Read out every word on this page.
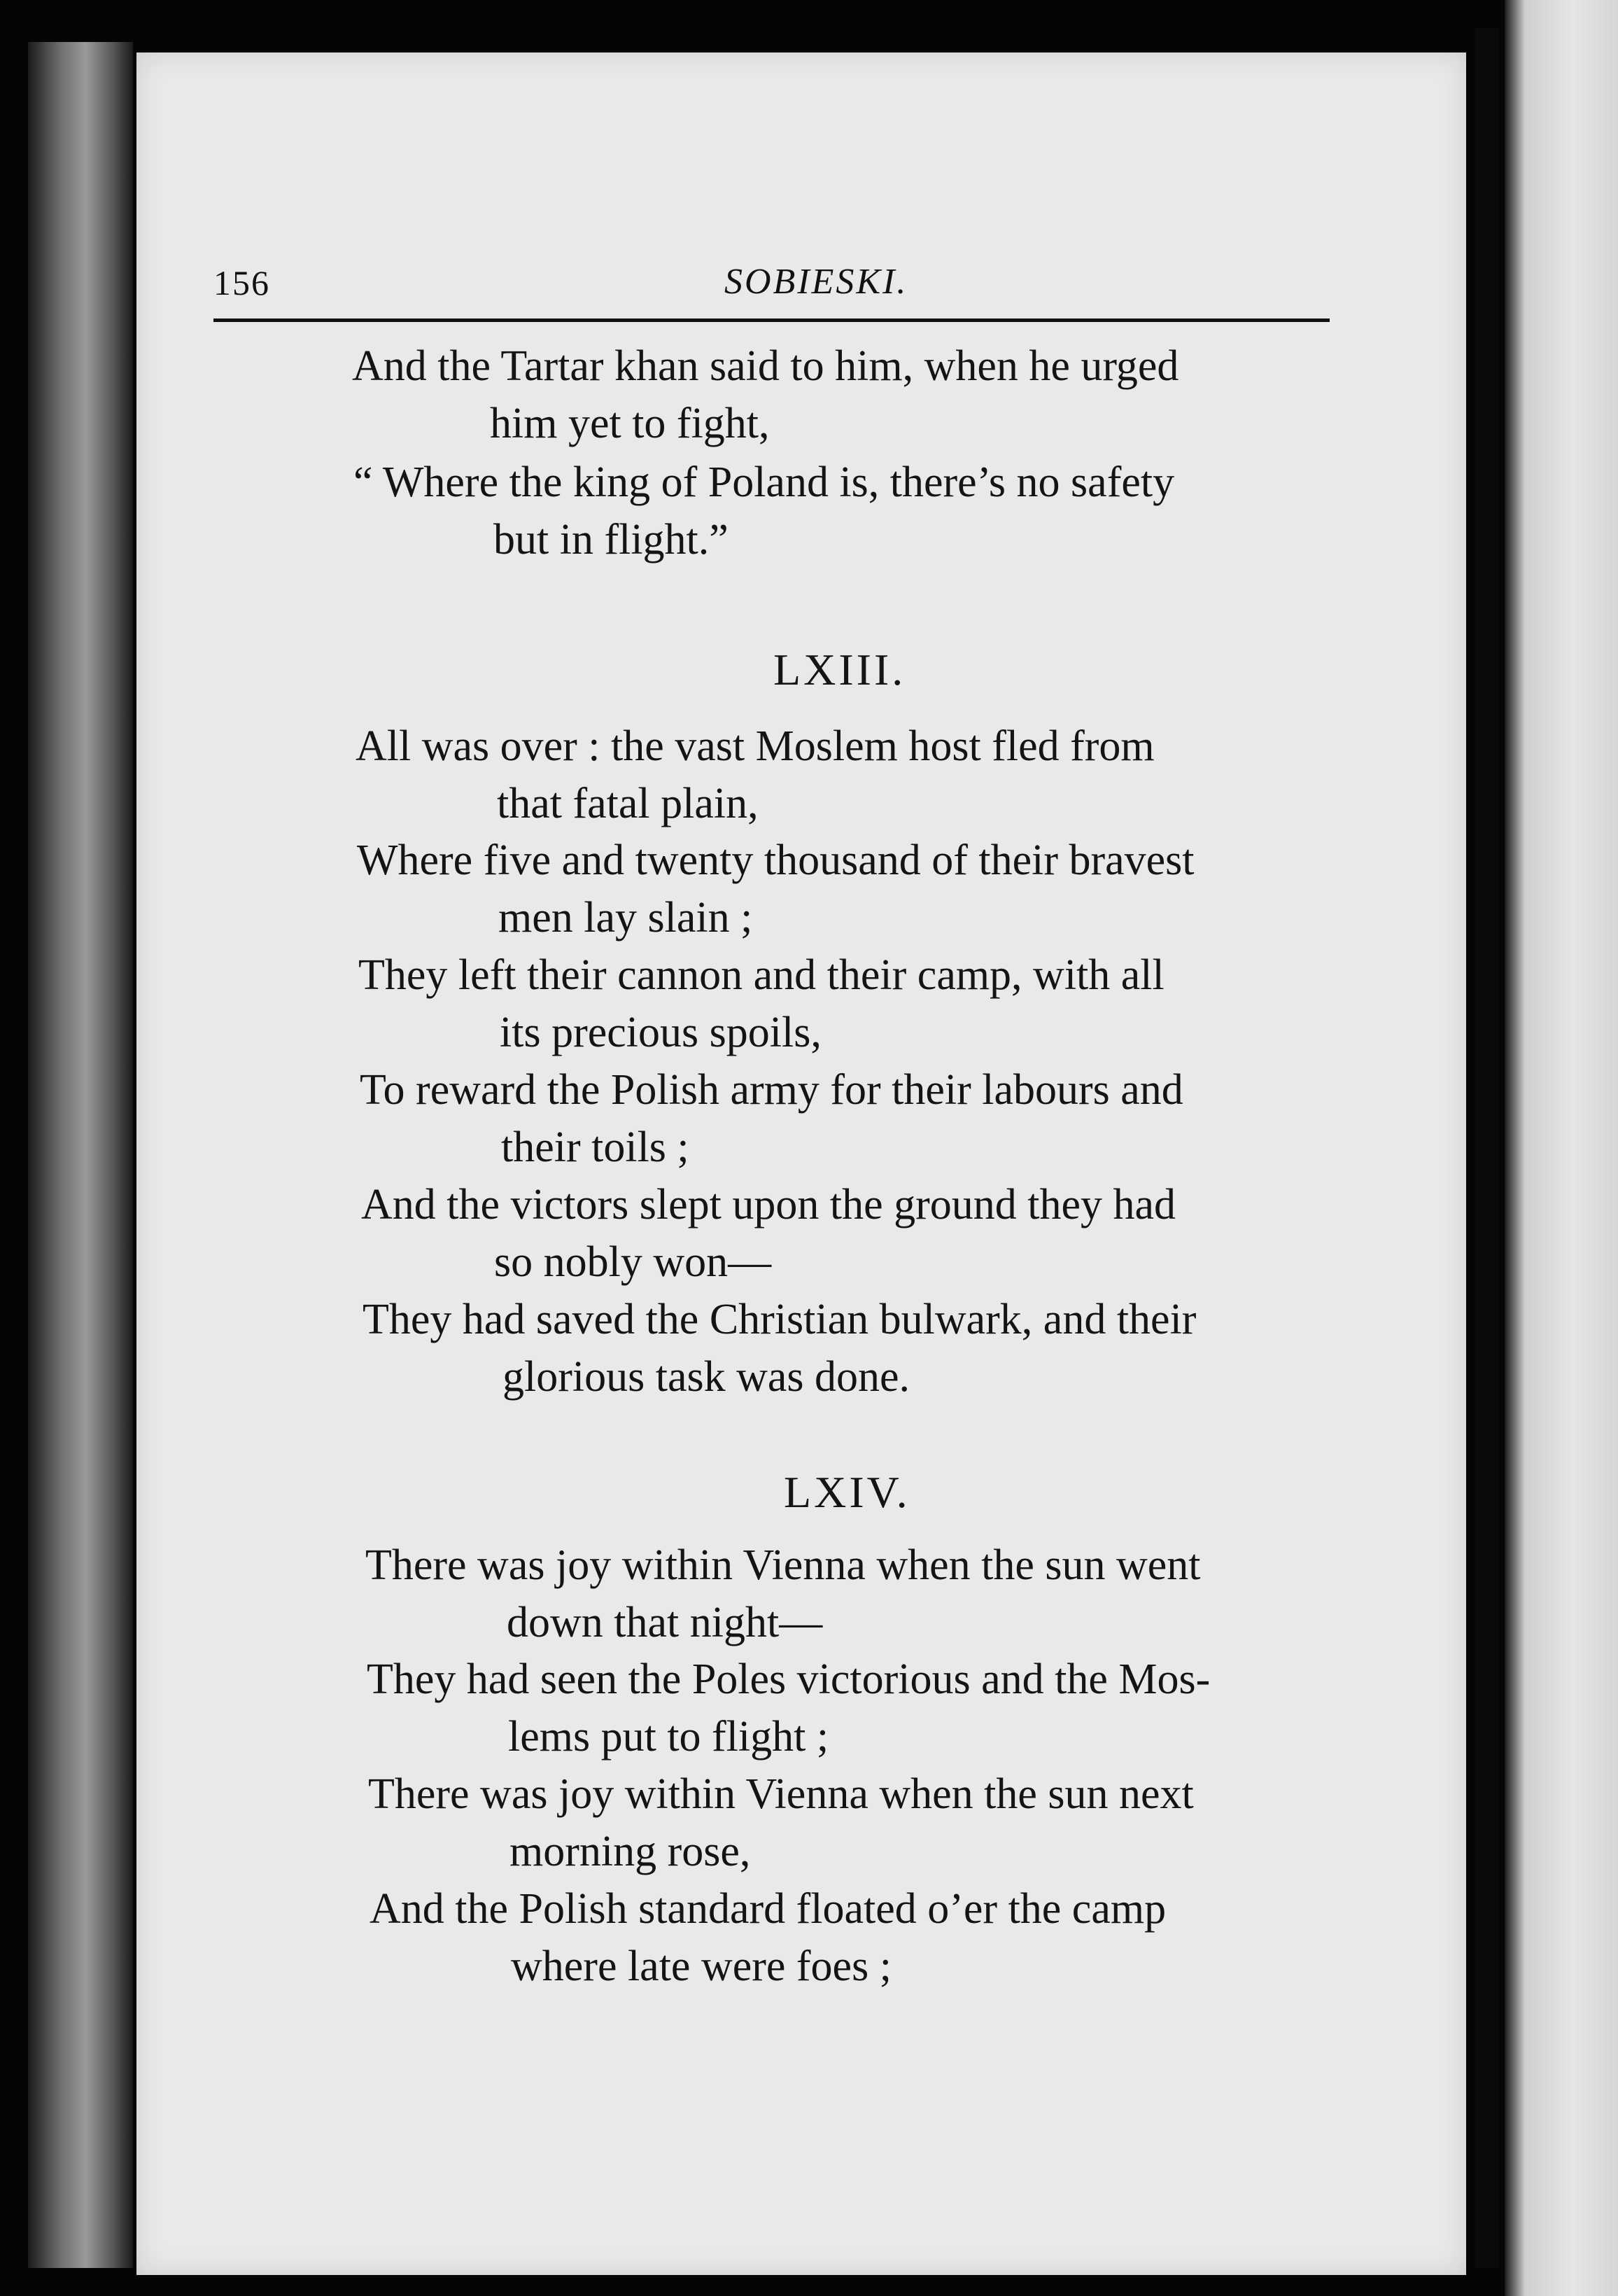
156	SOBIESKI.
And the Tartar khan said to him, when he urged
him yet to fight,
“ Where the king of Poland is, there’s no safety
but in flight.”
LXIII.
All was over : the vast Moslem host fled from
that fatal plain,
Where five and twenty thousand of their bravest
men lay slain ;
They left their cannon and their camp, with all
its precious spoils,
To reward the Polish army for their labours and
their toils ;
And the victors slept upon the ground they had
so nobly won—
They had saved the Christian bulwark, and their
glorious task was done.
LXIV.
There was joy within Vienna when the sun went
down that night—
They had seen the Poles victorious and the Mos-
lems put to flight ;
There was joy within Vienna when the sun next
morning rose,
And the Polish standard floated o’er the camp
where late were foes ;
